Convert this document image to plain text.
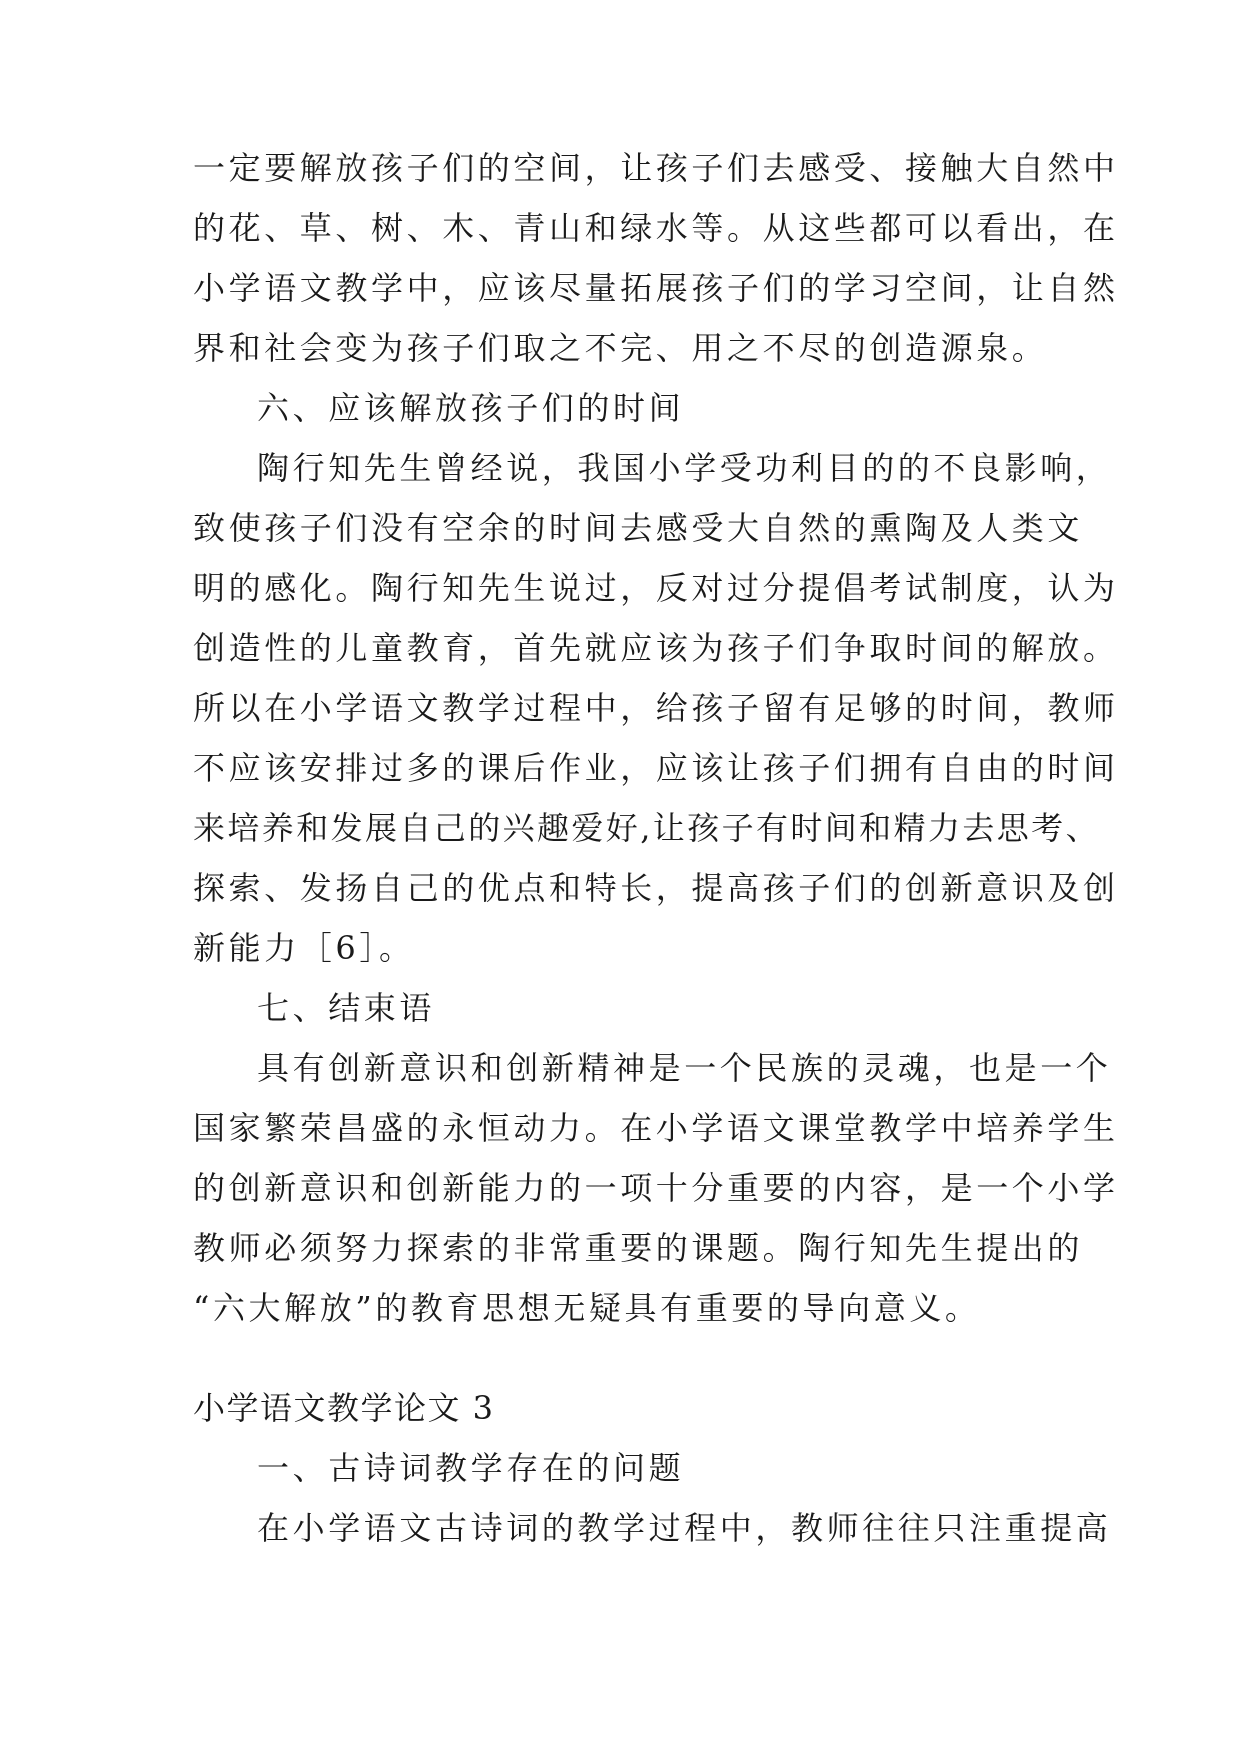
一定要解放孩子们的空间，让孩子们去感受、接触大自然中
的花、草、树、木、青山和绿水等。从这些都可以看出，在
小学语文教学中，应该尽量拓展孩子们的学习空间，让自然
界和社会变为孩子们取之不完、用之不尽的创造源泉。
六、应该解放孩子们的时间
陶行知先生曾经说，我国小学受功利目的的不良影响，
致使孩子们没有空余的时间去感受大自然的熏陶及人类文
明的感化。陶行知先生说过，反对过分提倡考试制度，认为
创造性的儿童教育，首先就应该为孩子们争取时间的解放。
所以在小学语文教学过程中，给孩子留有足够的时间，教师
不应该安排过多的课后作业，应该让孩子们拥有自由的时间
来培养和发展自己的兴趣爱好,让孩子有时间和精力去思考、
探索、发扬自己的优点和特长，提高孩子们的创新意识及创
新能力［6］。
七、结束语
具有创新意识和创新精神是一个民族的灵魂，也是一个
国家繁荣昌盛的永恒动力。在小学语文课堂教学中培养学生
的创新意识和创新能力的一项十分重要的内容，是一个小学
教师必须努力探索的非常重要的课题。陶行知先生提出的
“六大解放”的教育思想无疑具有重要的导向意义。
小学语文教学论文 3
一、古诗词教学存在的问题
在小学语文古诗词的教学过程中，教师往往只注重提高
